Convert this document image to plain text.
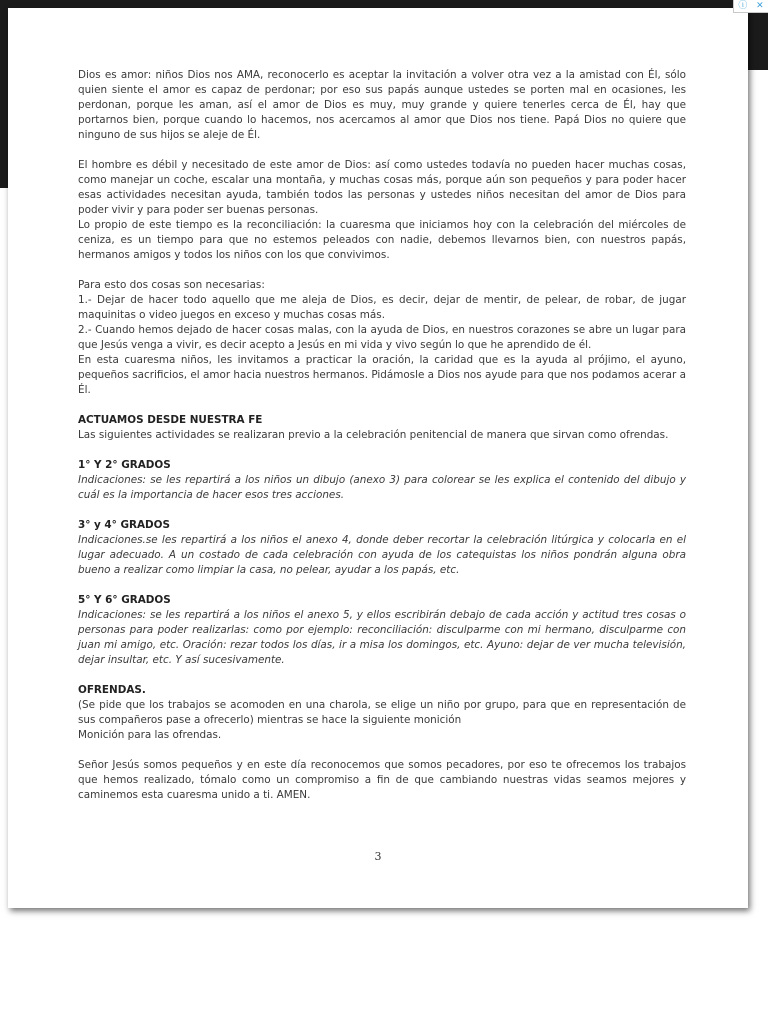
ⓘ ✕

Dios es amor: niños Dios nos AMA, reconocerlo es aceptar la invitación a volver otra vez a la amistad con Él, sólo quien siente el amor es capaz de perdonar; por eso sus papás aunque ustedes se porten mal en ocasiones, les perdonan, porque les aman, así el amor de Dios es muy, muy grande y quiere tenerles cerca de Él, hay que portarnos bien, porque cuando lo hacemos, nos acercamos al amor que Dios nos tiene. Papá Dios no quiere que ninguno de sus hijos se aleje de Él.

El hombre es débil y necesitado de este amor de Dios: así como ustedes todavía no pueden hacer muchas cosas, como manejar un coche, escalar una montaña, y muchas cosas más, porque aún son pequeños y para poder hacer esas actividades necesitan ayuda, también todos las personas y ustedes niños necesitan del amor de Dios para poder vivir y para poder ser buenas personas.

Lo propio de este tiempo es la reconciliación: la cuaresma que iniciamos hoy con la celebración del miércoles de ceniza, es un tiempo para que no estemos peleados con nadie, debemos llevarnos bien, con nuestros papás, hermanos amigos y todos los niños con los que convivimos.

Para esto dos cosas son necesarias:

1.- Dejar de hacer todo aquello que me aleja de Dios, es decir, dejar de mentir, de pelear, de robar, de jugar maquinitas o video juegos en exceso y muchas cosas más.

2.- Cuando hemos dejado de hacer cosas malas, con la ayuda de Dios, en nuestros corazones se abre un lugar para que Jesús venga a vivir, es decir acepto a Jesús en mi vida y vivo según lo que he aprendido de él.

En esta cuaresma niños, les invitamos a practicar la oración, la caridad que es la ayuda al prójimo, el ayuno, pequeños sacrificios, el amor hacia nuestros hermanos. Pidámosle a Dios nos ayude para que nos podamos acerar a Él.

ACTUAMOS DESDE NUESTRA FE

Las siguientes actividades se realizaran previo a la celebración penitencial de manera que sirvan como ofrendas.

1° Y 2° GRADOS

Indicaciones: se les repartirá a los niños un dibujo (anexo 3) para colorear se les explica el contenido del dibujo y cuál es la importancia de hacer esos tres acciones.

3° y 4° GRADOS

Indicaciones.se les repartirá a los niños el anexo 4, donde deber recortar la celebración litúrgica y colocarla en el lugar adecuado. A un costado de cada celebración con ayuda de los catequistas los niños pondrán alguna obra bueno a realizar como limpiar la casa, no pelear, ayudar a los papás, etc.

5° Y 6° GRADOS

Indicaciones: se les repartirá a los niños el anexo 5, y ellos escribirán debajo de cada acción y actitud tres cosas o personas para poder realizarlas: como por ejemplo: reconciliación: disculparme con mi hermano, disculparme con juan mi amigo, etc. Oración: rezar todos los días, ir a misa los domingos, etc. Ayuno: dejar de ver mucha televisión, dejar insultar, etc. Y así sucesivamente.

OFRENDAS.

(Se pide que los trabajos se acomoden en una charola, se elige un niño por grupo, para que en representación de sus compañeros pase a ofrecerlo) mientras se hace la siguiente monición

Monición para las ofrendas.

Señor Jesús somos pequeños y en este día reconocemos que somos pecadores, por eso te ofrecemos los trabajos que hemos realizado, tómalo como un compromiso a fin de que cambiando nuestras vidas seamos mejores y caminemos esta cuaresma unido a ti. AMEN.

3
